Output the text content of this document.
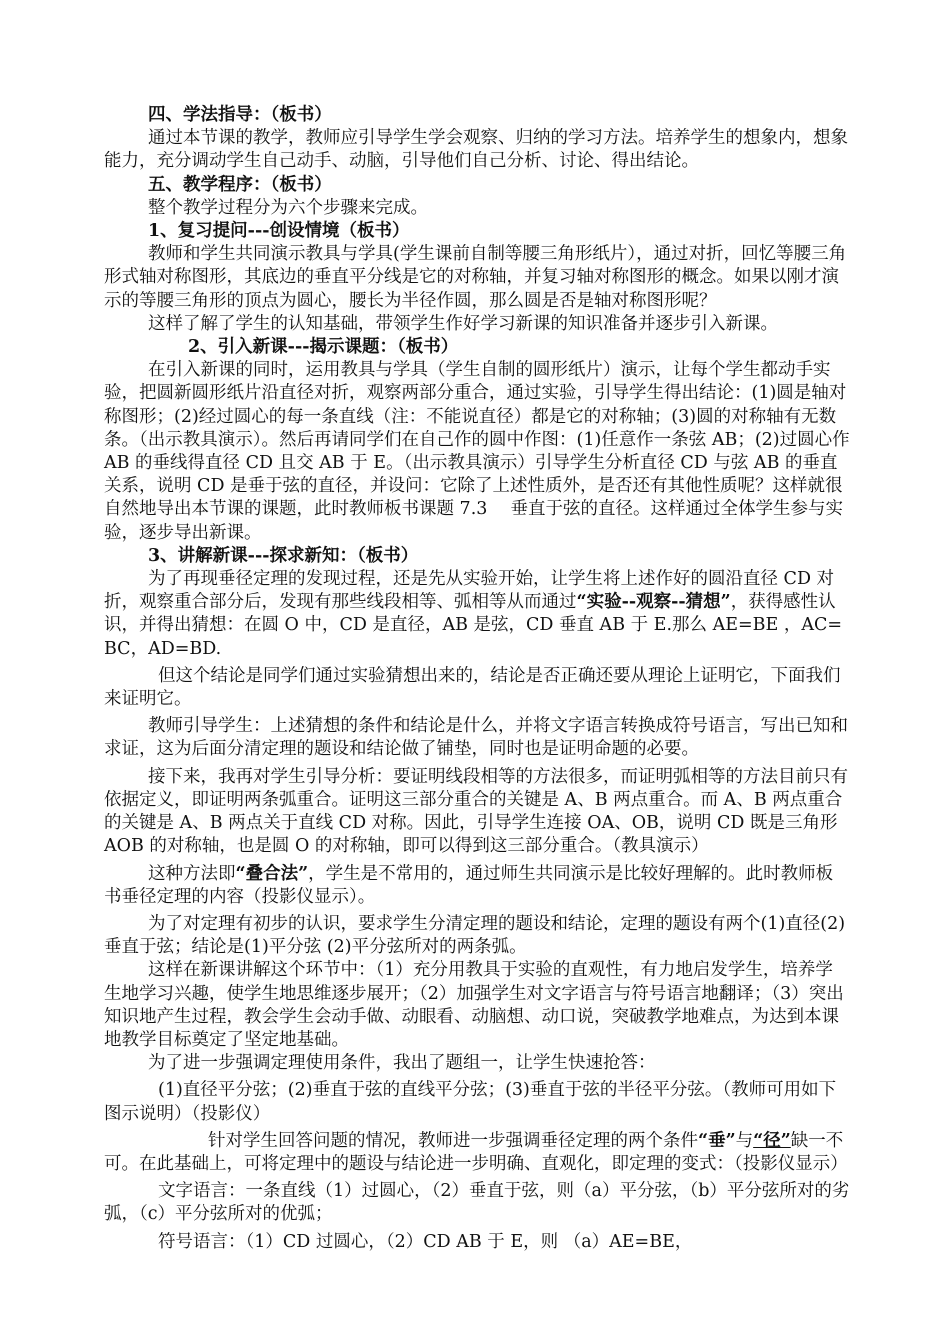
四、学法指导：（板书）

通过本节课的教学，教师应引导学生学会观察、归纳的学习方法。培养学生的想象内，想象能力，充分调动学生自己动手、动脑，引导他们自己分析、讨论、得出结论。

五、教学程序：（板书）

整个教学过程分为六个步骤来完成。

1、复习提问---创设情境（板书）

教师和学生共同演示教具与学具(学生课前自制等腰三角形纸片），通过对折，回忆等腰三角形式轴对称图形，其底边的垂直平分线是它的对称轴，并复习轴对称图形的概念。如果以刚才演示的等腰三角形的顶点为圆心，腰长为半径作圆，那么圆是否是轴对称图形呢？

这样了解了学生的认知基础，带领学生作好学习新课的知识准备并逐步引入新课。

2、引入新课---揭示课题：（板书）

在引入新课的同时，运用教具与学具（学生自制的圆形纸片）演示，让每个学生都动手实验，把圆新圆形纸片沿直径对折，观察两部分重合，通过实验，引导学生得出结论：(1)圆是轴对称图形；(2)经过圆心的每一条直线（注：不能说直径）都是它的对称轴；(3)圆的对称轴有无数条。（出示教具演示）。然后再请同学们在自己作的圆中作图：(1)任意作一条弦 AB；(2)过圆心作 AB 的垂线得直径 CD 且交 AB 于 E。（出示教具演示）引导学生分析直径 CD 与弦 AB 的垂直关系，说明 CD 是垂于弦的直径，并设问：它除了上述性质外，是否还有其他性质呢？这样就很自然地导出本节课的课题，此时教师板书课题 7.3　 垂直于弦的直径。这样通过全体学生参与实验，逐步导出新课。

3、讲解新课---探求新知：（板书）

为了再现垂径定理的发现过程，还是先从实验开始，让学生将上述作好的圆沿直径 CD 对折，观察重合部分后，发现有那些线段相等、弧相等从而通过“实验--观察--猜想”，获得感性认识，并得出猜想：在圆 O 中，CD 是直径，AB 是弦，CD 垂直 AB 于 E.那么 AE=BE ，AC=BC，AD=BD.

但这个结论是同学们通过实验猜想出来的，结论是否正确还要从理论上证明它，下面我们来证明它。

教师引导学生：上述猜想的条件和结论是什么，并将文字语言转换成符号语言，写出已知和求证，这为后面分清定理的题设和结论做了铺垫，同时也是证明命题的必要。

接下来，我再对学生引导分析：要证明线段相等的方法很多，而证明弧相等的方法目前只有依据定义，即证明两条弧重合。证明这三部分重合的关键是 A、B 两点重合。而 A、B 两点重合的关键是 A、B 两点关于直线 CD 对称。因此，引导学生连接 OA、OB，说明 CD 既是三角形 AOB 的对称轴，也是圆 O 的对称轴，即可以得到这三部分重合。（教具演示）

这种方法即“叠合法”，学生是不常用的，通过师生共同演示是比较好理解的。此时教师板书垂径定理的内容（投影仪显示）。

为了对定理有初步的认识，要求学生分清定理的题设和结论，定理的题设有两个(1)直径(2)垂直于弦；结论是(1)平分弦 (2)平分弦所对的两条弧。

这样在新课讲解这个环节中：（1）充分用教具于实验的直观性，有力地启发学生，培养学生地学习兴趣，使学生地思维逐步展开；（2）加强学生对文字语言与符号语言地翻译；（3）突出知识地产生过程，教会学生会动手做、动眼看、动脑想、动口说，突破教学地难点，为达到本课地教学目标奠定了坚定地基础。

为了进一步强调定理使用条件，我出了题组一，让学生快速抢答：

(1)直径平分弦；(2)垂直于弦的直线平分弦；(3)垂直于弦的半径平分弦。（教师可用如下图示说明）（投影仪）

针对学生回答问题的情况，教师进一步强调垂径定理的两个条件“垂”与“径”缺一不可。在此基础上，可将定理中的题设与结论进一步明确、直观化，即定理的变式：（投影仪显示）

文字语言：一条直线（1）过圆心，（2）垂直于弦，则（a）平分弦，（b）平分弦所对的劣弧，（c）平分弦所对的优弧；

符号语言：（1）CD 过圆心，（2）CD AB 于 E，则 （a）AE=BE，
